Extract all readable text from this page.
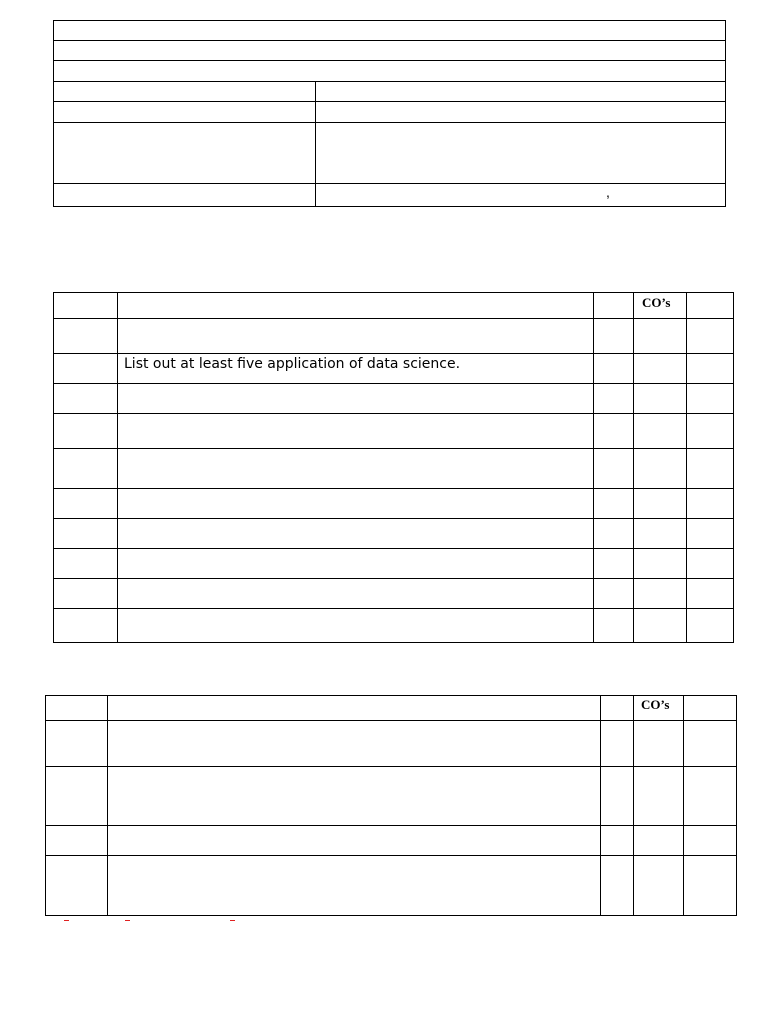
,
CO’s
List out at least five application of data science.
CO’s
